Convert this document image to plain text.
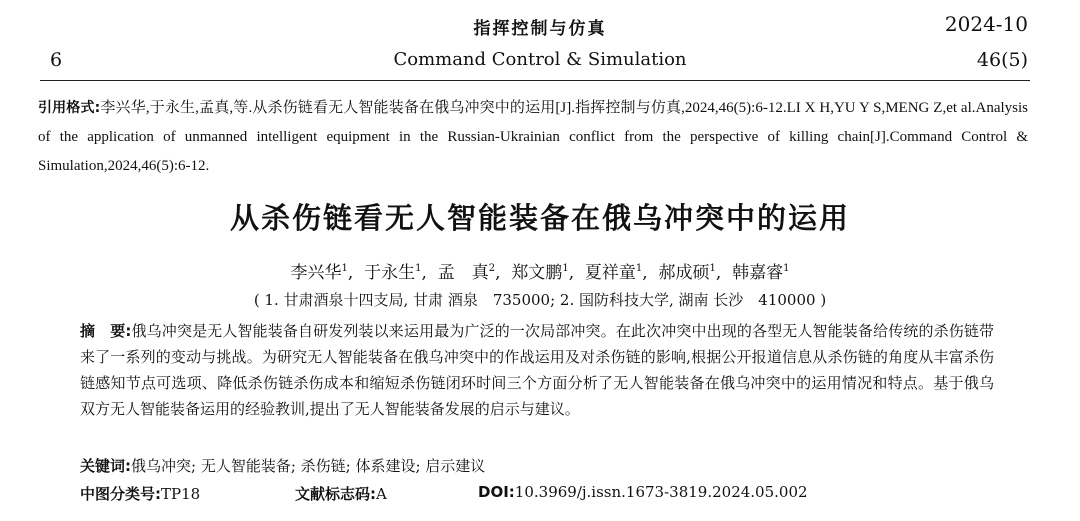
指挥控制与仿真	2024-10
6	Command Control & Simulation	46(5)
引用格式:李兴华,于永生,孟真,等.从杀伤链看无人智能装备在俄乌冲突中的运用[J].指挥控制与仿真,2024,46(5):6-12.LI X H,YU Y S,MENG Z,et al.Analysis of the application of unmanned intelligent equipment in the Russian-Ukrainian conflict from the perspective of killing chain[J].Command Control & Simulation,2024,46(5):6-12.
从杀伤链看无人智能装备在俄乌冲突中的运用
李兴华$^1$,  于永生$^1$,  孟　真$^2$,  郑文鹏$^1$,  夏祥童$^1$,  郝成硕$^1$,  韩嘉睿$^1$
( 1. 甘肃酒泉十四支局, 甘肃 酒泉　735000; 2. 国防科技大学, 湖南 长沙　410000 )
摘　要:俄乌冲突是无人智能装备自研发列装以来运用最为广泛的一次局部冲突。在此次冲突中出现的各型无人智能装备给传统的杀伤链带来了一系列的变动与挑战。为研究无人智能装备在俄乌冲突中的作战运用及对杀伤链的影响,根据公开报道信息从杀伤链的角度从丰富杀伤链感知节点可选项、降低杀伤链杀伤成本和缩短杀伤链闭环时间三个方面分析了无人智能装备在俄乌冲突中的运用情况和特点。基于俄乌双方无人智能装备运用的经验教训,提出了无人智能装备发展的启示与建议。
关键词:俄乌冲突; 无人智能装备; 杀伤链; 体系建设; 启示建议
中图分类号:TP18	文献标志码:A	DOI:10.3969/j.issn.1673-3819.2024.05.002
